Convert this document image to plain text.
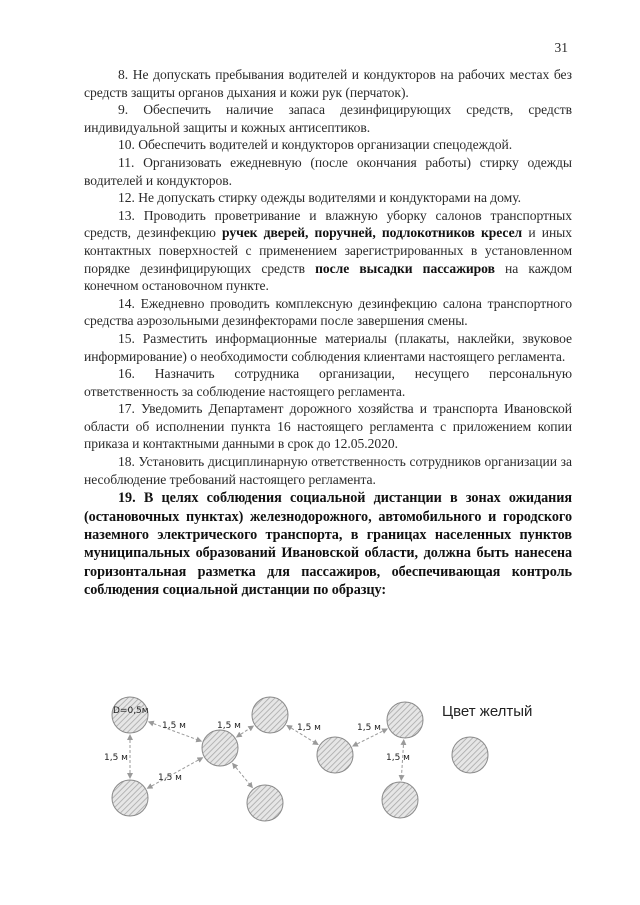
31

8. Не допускать пребывания водителей и кондукторов на рабочих местах без средств защиты органов дыхания и кожи рук (перчаток).

9. Обеспечить наличие запаса дезинфицирующих средств, средств индивидуальной защиты и кожных антисептиков.

10. Обеспечить водителей и кондукторов организации спецодеждой.

11. Организовать ежедневную (после окончания работы) стирку одежды водителей и кондукторов.

12. Не допускать стирку одежды водителями и кондукторами на дому.

13. Проводить проветривание и влажную уборку салонов транспортных средств, дезинфекцию ручек дверей, поручней, подлокотников кресел и иных контактных поверхностей с применением зарегистрированных в установленном порядке дезинфицирующих средств после высадки пассажиров на каждом конечном остановочном пункте.

14. Ежедневно проводить комплексную дезинфекцию салона транспортного средства аэрозольными дезинфекторами после завершения смены.

15. Разместить информационные материалы (плакаты, наклейки, звуковое информирование) о необходимости соблюдения клиентами настоящего регламента.

16. Назначить сотрудника организации, несущего персональную ответственность за соблюдение настоящего регламента.

17. Уведомить Департамент дорожного хозяйства и транспорта Ивановской области об исполнении пункта 16 настоящего регламента с приложением копии приказа и контактными данными в срок до 12.05.2020.

18. Установить дисциплинарную ответственность сотрудников организации за несоблюдение требований настоящего регламента.

19. В целях соблюдения социальной дистанции в зонах ожидания (остановочных пунктах) железнодорожного, автомобильного и городского наземного электрического транспорта, в границах населенных пунктов муниципальных образований Ивановской области, должна быть нанесена горизонтальная разметка для пассажиров, обеспечивающая контроль соблюдения социальной дистанции по образцу:

D=0,5м
1,5 м	1,5 м	1,5 м	1,5 м
1,5 м
1,5 м
1,5 м
Цвет желтый
